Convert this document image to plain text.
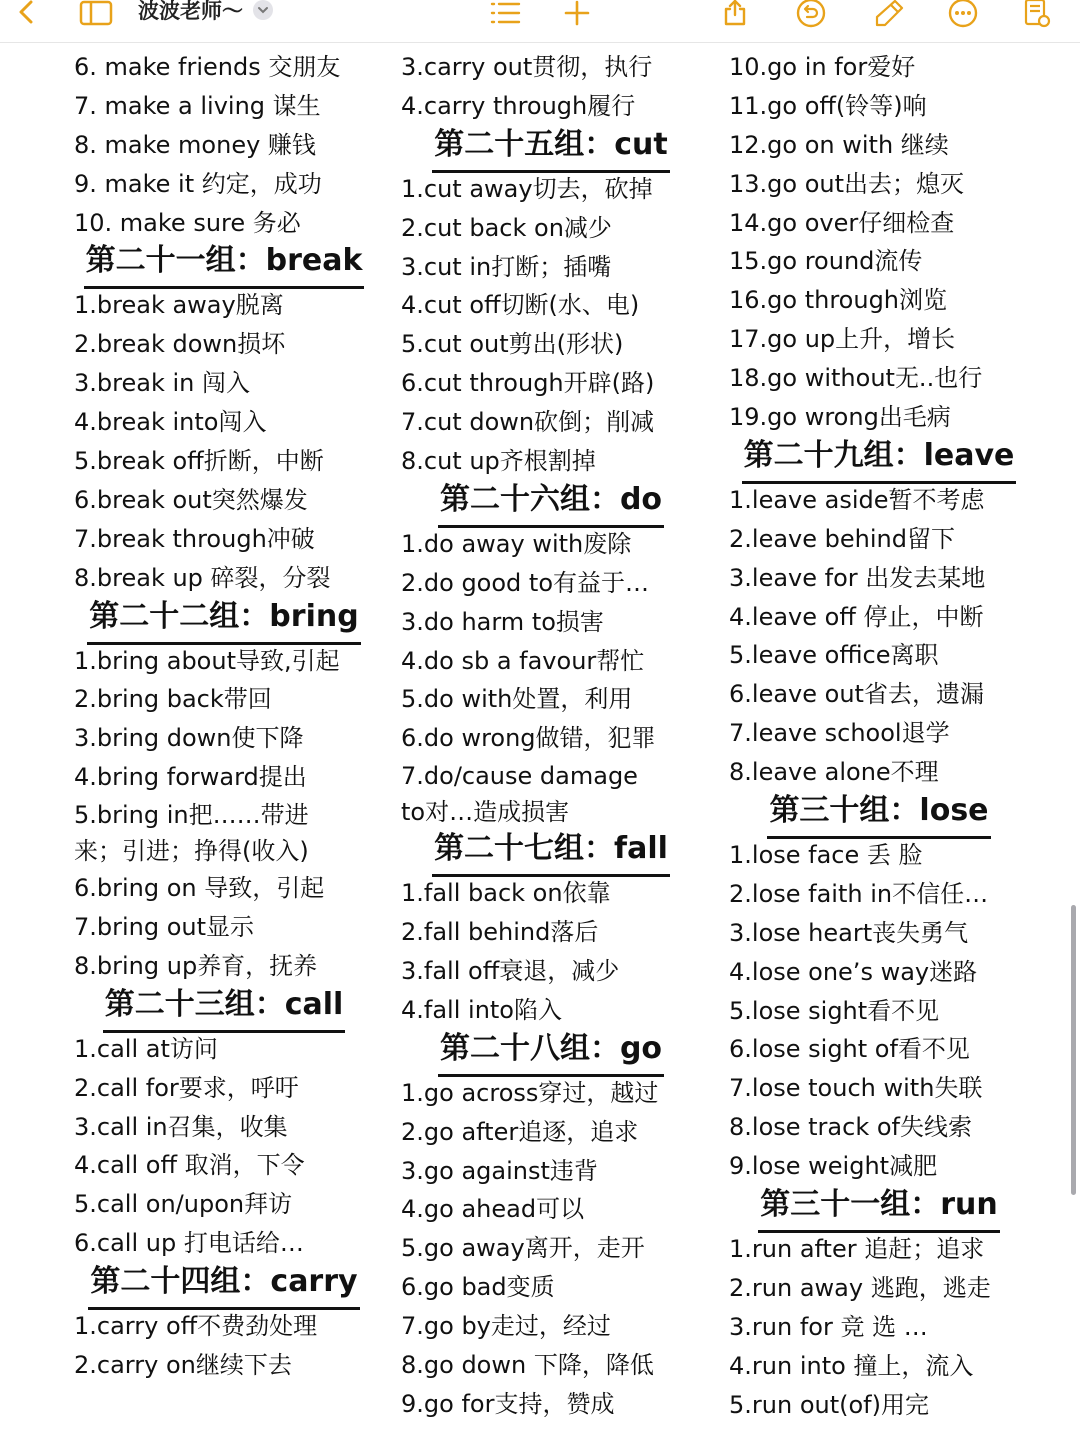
波波老师～
6. make friends 交朋友
7. make a living 谋生
8. make money 赚钱
9. make it 约定，成功
10. make sure 务必
第二十一组：break
1.break away脱离
2.break down损坏
3.break in 闯入
4.break into闯入
5.break off折断，中断
6.break out突然爆发
7.break through冲破
8.break up 碎裂，分裂
第二十二组：bring
1.bring about导致,引起
2.bring back带回
3.bring down使下降
4.bring forward提出
5.bring in把……带进
来；引进；挣得(收入)
6.bring on 导致，引起
7.bring out显示
8.bring up养育，抚养
第二十三组：call
1.call at访问
2.call for要求，呼吁
3.call in召集，收集
4.call off 取消，下令
5.call on/upon拜访
6.call up 打电话给…
第二十四组：carry
1.carry off不费劲处理
2.carry on继续下去
3.carry out贯彻，执行
4.carry through履行
第二十五组：cut
1.cut away切去，砍掉
2.cut back on减少
3.cut in打断；插嘴
4.cut off切断(水、电)
5.cut out剪出(形状)
6.cut through开辟(路)
7.cut down砍倒；削减
8.cut up齐根割掉
第二十六组：do
1.do away with废除
2.do good to有益于…
3.do harm to损害
4.do sb a favour帮忙
5.do with处置，利用
6.do wrong做错，犯罪
7.do/cause damage
to对…造成损害
第二十七组：fall
1.fall back on依靠
2.fall behind落后
3.fall off衰退，减少
4.fall into陷入
第二十八组：go
1.go across穿过，越过
2.go after追逐，追求
3.go against违背
4.go ahead可以
5.go away离开，走开
6.go bad变质
7.go by走过，经过
8.go down 下降，降低
9.go for支持，赞成
10.go in for爱好
11.go off(铃等)响
12.go on with 继续
13.go out出去；熄灭
14.go over仔细检查
15.go round流传
16.go through浏览
17.go up上升，增长
18.go without无..也行
19.go wrong出毛病
第二十九组：leave
1.leave aside暂不考虑
2.leave behind留下
3.leave for 出发去某地
4.leave off 停止，中断
5.leave office离职
6.leave out省去，遗漏
7.leave school退学
8.leave alone不理
第三十组：lose
1.lose face 丢 脸
2.lose faith in不信任…
3.lose heart丧失勇气
4.lose one’s way迷路
5.lose sight看不见
6.lose sight of看不见
7.lose touch with失联
8.lose track of失线索
9.lose weight减肥
第三十一组：run
1.run after 追赶；追求
2.run away 逃跑，逃走
3.run for 竞 选 …
4.run into 撞上，流入
5.run out(of)用完
